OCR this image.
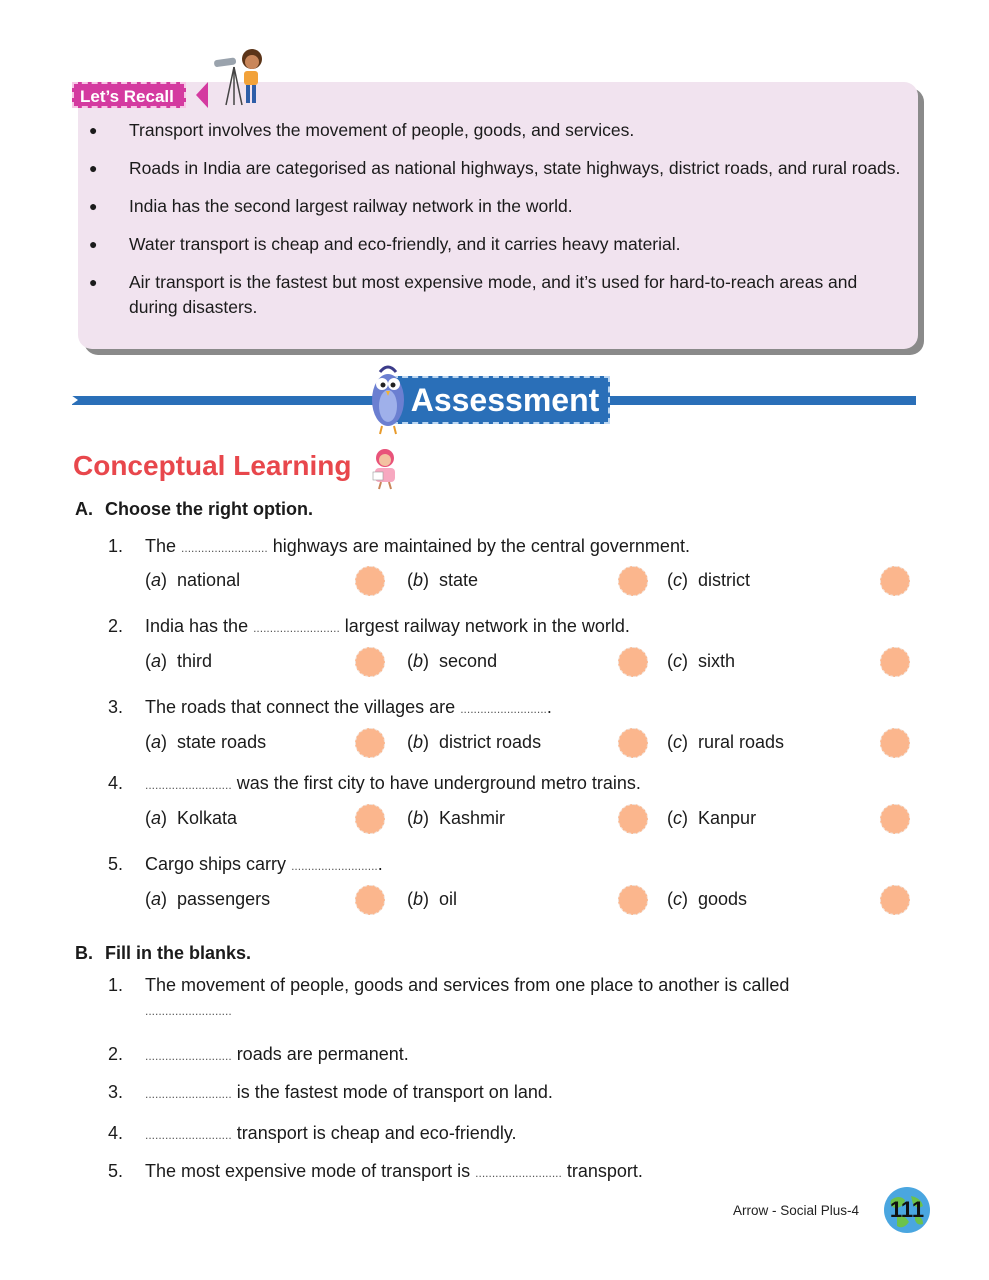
● Transport involves the movement of people, goods, and services.
● Roads in India are categorised as national highways, state highways, district roads, and rural roads.
● India has the second largest railway network in the world.
● Water transport is cheap and eco-friendly, and it carries heavy material.
● Air transport is the fastest but most expensive mode, and it’s used for hard-to-reach areas and during disasters.
Let’s Recall
Assessment
Conceptual Learning
A. Choose the right option.
1. The .......................... highways are maintained by the central government.
(a) national	(b) state	(c) district
2. India has the .......................... largest railway network in the world.
(a) third	(b) second	(c) sixth
3. The roads that connect the villages are ...........................
(a) state roads	(b) district roads	(c) rural roads
4. .......................... was the first city to have underground metro trains.
(a) Kolkata	(b) Kashmir	(c) Kanpur
5. Cargo ships carry ...........................
(a) passengers	(b) oil	(c) goods
B. Fill in the blanks.
1. The movement of people, goods and services from one place to another is called
..........................
2. .......................... roads are permanent.
3. .......................... is the fastest mode of transport on land.
4. .......................... transport is cheap and eco-friendly.
5. The most expensive mode of transport is .......................... transport.
Arrow - Social Plus-4	111
